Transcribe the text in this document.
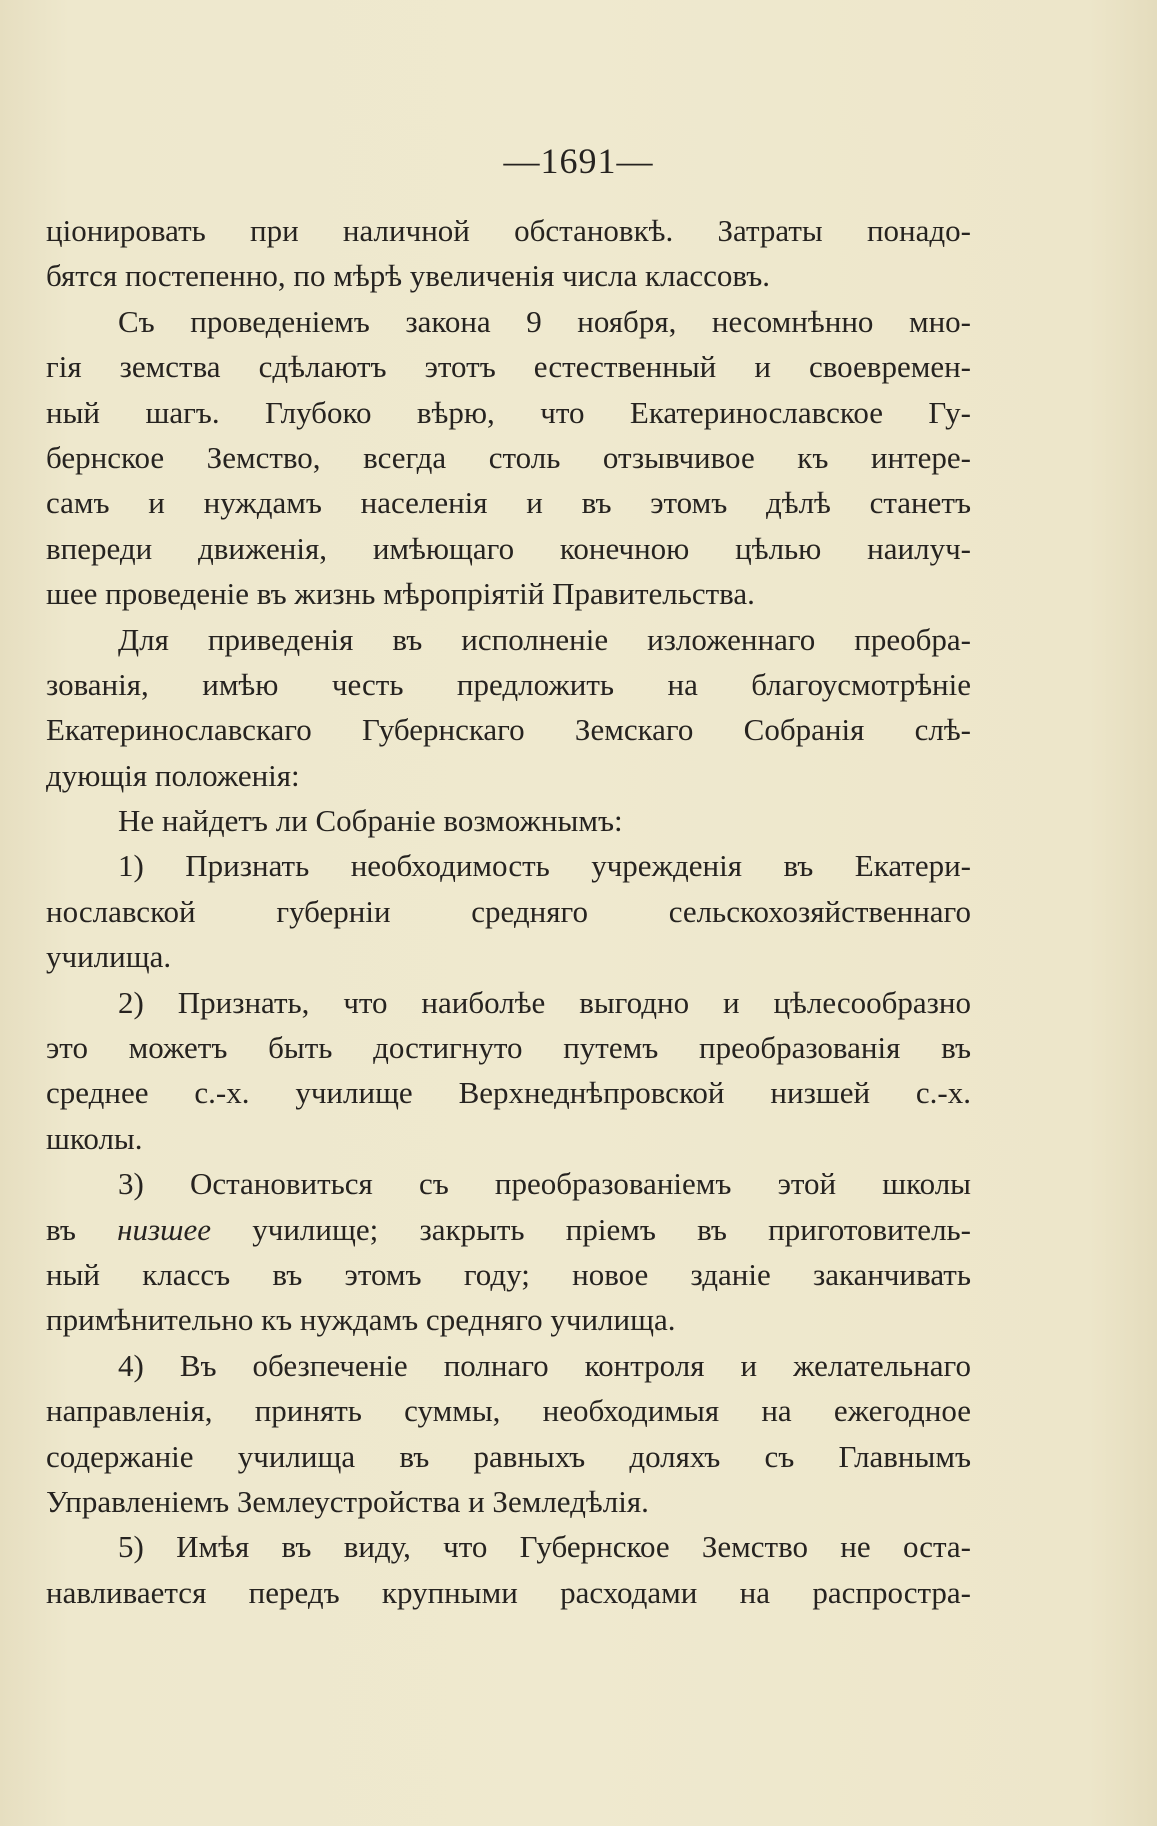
—1691—
ціонировать при наличной обстановкѣ. Затраты понадо-
бятся постепенно, по мѣрѣ увеличенія числа классовъ.
Съ проведеніемъ закона 9 ноября, несомнѣнно мно-
гія земства сдѣлаютъ этотъ естественный и своевремен-
ный шагъ. Глубоко вѣрю, что Екатеринославское Гу-
бернское Земство, всегда столь отзывчивое къ интере-
самъ и нуждамъ населенія и въ этомъ дѣлѣ станетъ
впереди движенія, имѣющаго конечною цѣлью наилуч-
шее проведеніе въ жизнь мѣропріятій Правительства.
Для приведенія въ исполненіе изложеннаго преобра-
зованія, имѣю честь предложить на благоусмотрѣніе
Екатеринославскаго Губернскаго Земскаго Собранія слѣ-
дующія положенія:
Не найдетъ ли Собраніе возможнымъ:
1) Признать необходимость учрежденія въ Екатери-
нославской губерніи средняго сельскохозяйственнаго
училища.
2) Признать, что наиболѣе выгодно и цѣлесообразно
это можетъ быть достигнуто путемъ преобразованія въ
среднее с.-х. училище Верхнеднѣпровской низшей с.-х.
школы.
3) Остановиться съ преобразованіемъ этой школы
въ низшее училище; закрыть пріемъ въ приготовитель-
ный классъ въ этомъ году; новое зданіе заканчивать
примѣнительно къ нуждамъ средняго училища.
4) Въ обезпеченіе полнаго контроля и желательнаго
направленія, принять суммы, необходимыя на ежегодное
содержаніе училища въ равныхъ доляхъ съ Главнымъ
Управленіемъ Землеустройства и Земледѣлія.
5) Имѣя въ виду, что Губернское Земство не оста-
навливается передъ крупными расходами на распростра-
